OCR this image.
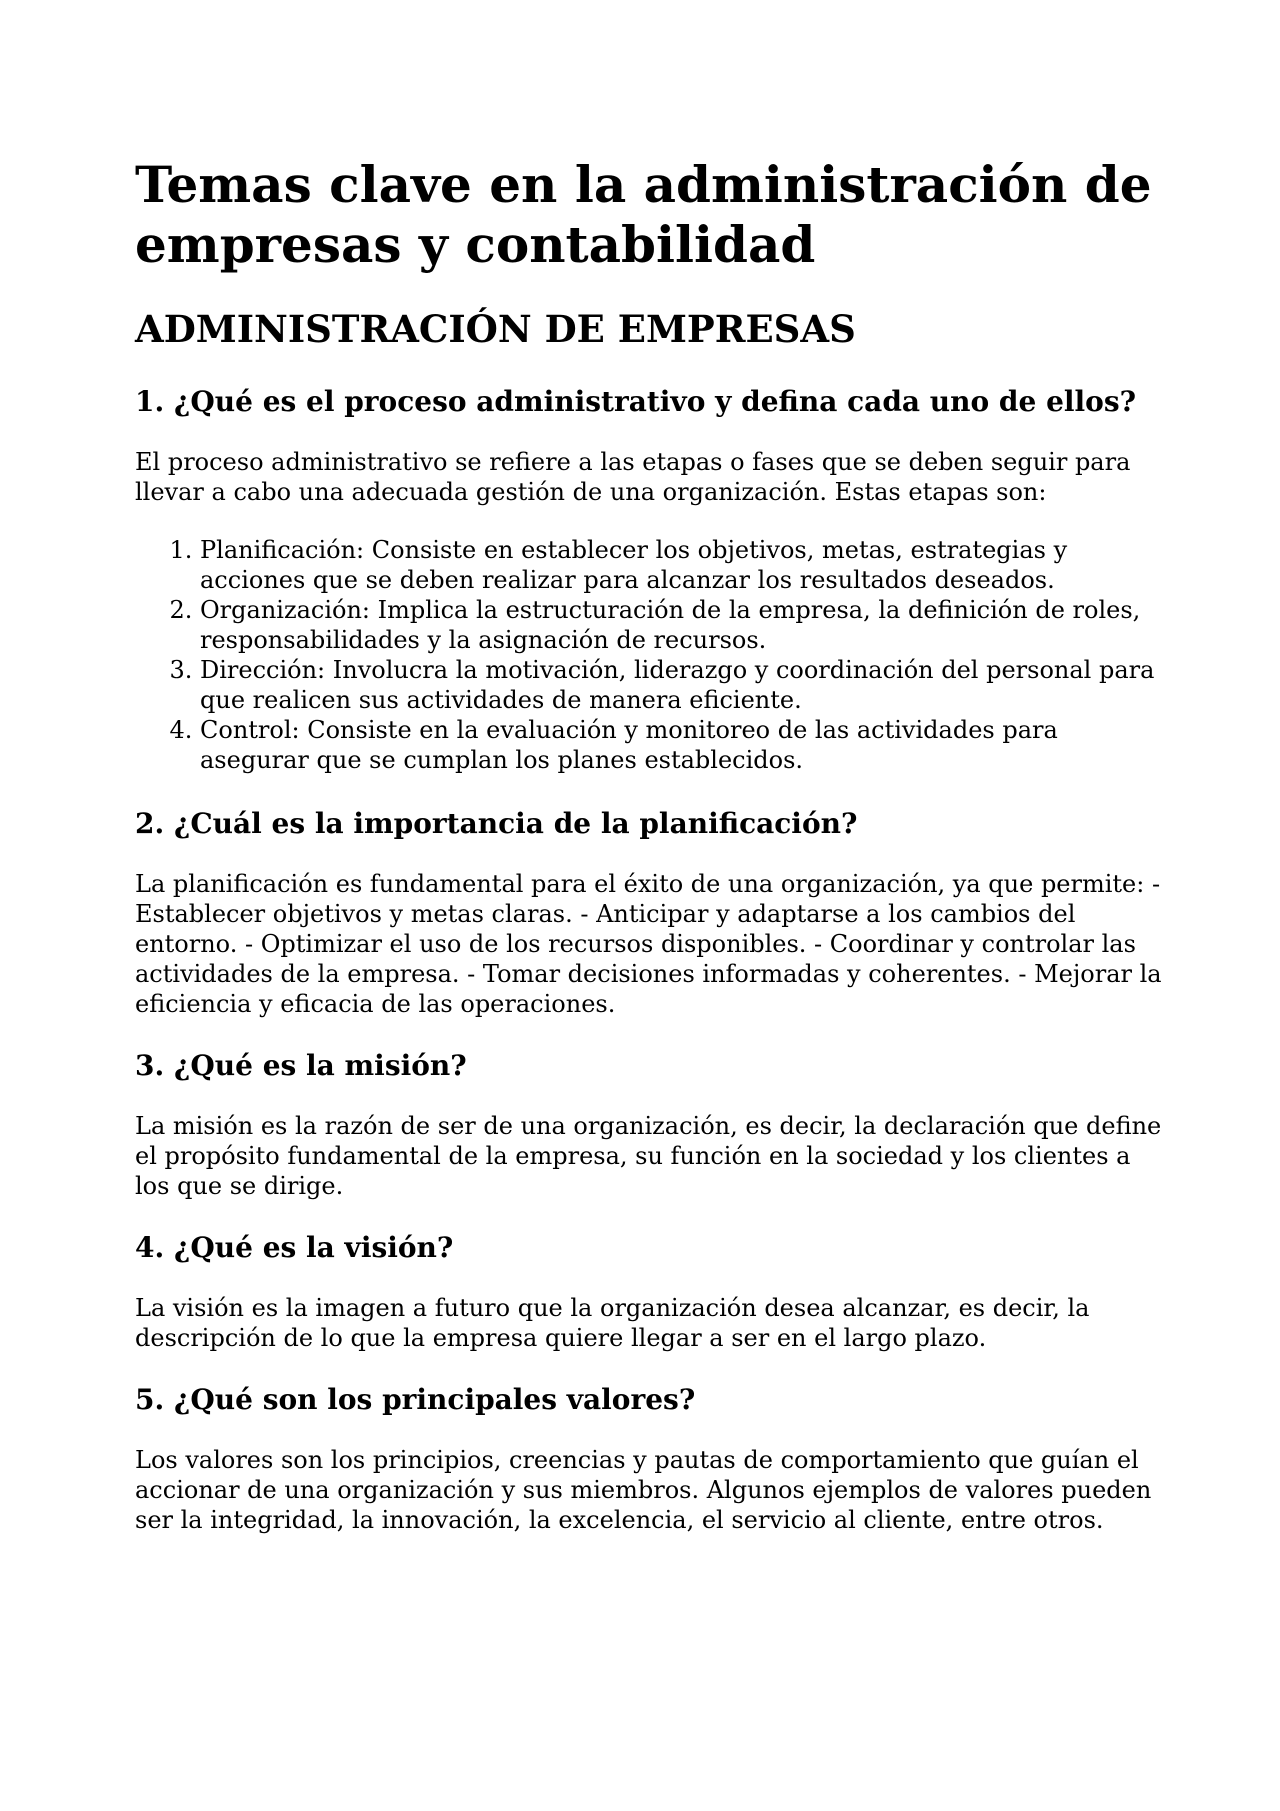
Temas clave en la administración de empresas y contabilidad
ADMINISTRACIÓN DE EMPRESAS
1. ¿Qué es el proceso administrativo y defina cada uno de ellos?

El proceso administrativo se refiere a las etapas o fases que se deben seguir para llevar a cabo una adecuada gestión de una organización. Estas etapas son:

1. Planificación: Consiste en establecer los objetivos, metas, estrategias y acciones que se deben realizar para alcanzar los resultados deseados.
2. Organización: Implica la estructuración de la empresa, la definición de roles, responsabilidades y la asignación de recursos.
3. Dirección: Involucra la motivación, liderazgo y coordinación del personal para que realicen sus actividades de manera eficiente.
4. Control: Consiste en la evaluación y monitoreo de las actividades para asegurar que se cumplan los planes establecidos.
2. ¿Cuál es la importancia de la planificación?

La planificación es fundamental para el éxito de una organización, ya que permite: - Establecer objetivos y metas claras. - Anticipar y adaptarse a los cambios del entorno. - Optimizar el uso de los recursos disponibles. - Coordinar y controlar las actividades de la empresa. - Tomar decisiones informadas y coherentes. - Mejorar la eficiencia y eficacia de las operaciones.

3. ¿Qué es la misión?

La misión es la razón de ser de una organización, es decir, la declaración que define el propósito fundamental de la empresa, su función en la sociedad y los clientes a los que se dirige.

4. ¿Qué es la visión?

La visión es la imagen a futuro que la organización desea alcanzar, es decir, la descripción de lo que la empresa quiere llegar a ser en el largo plazo.

5. ¿Qué son los principales valores?

Los valores son los principios, creencias y pautas de comportamiento que guían el accionar de una organización y sus miembros. Algunos ejemplos de valores pueden ser la integridad, la innovación, la excelencia, el servicio al cliente, entre otros.
